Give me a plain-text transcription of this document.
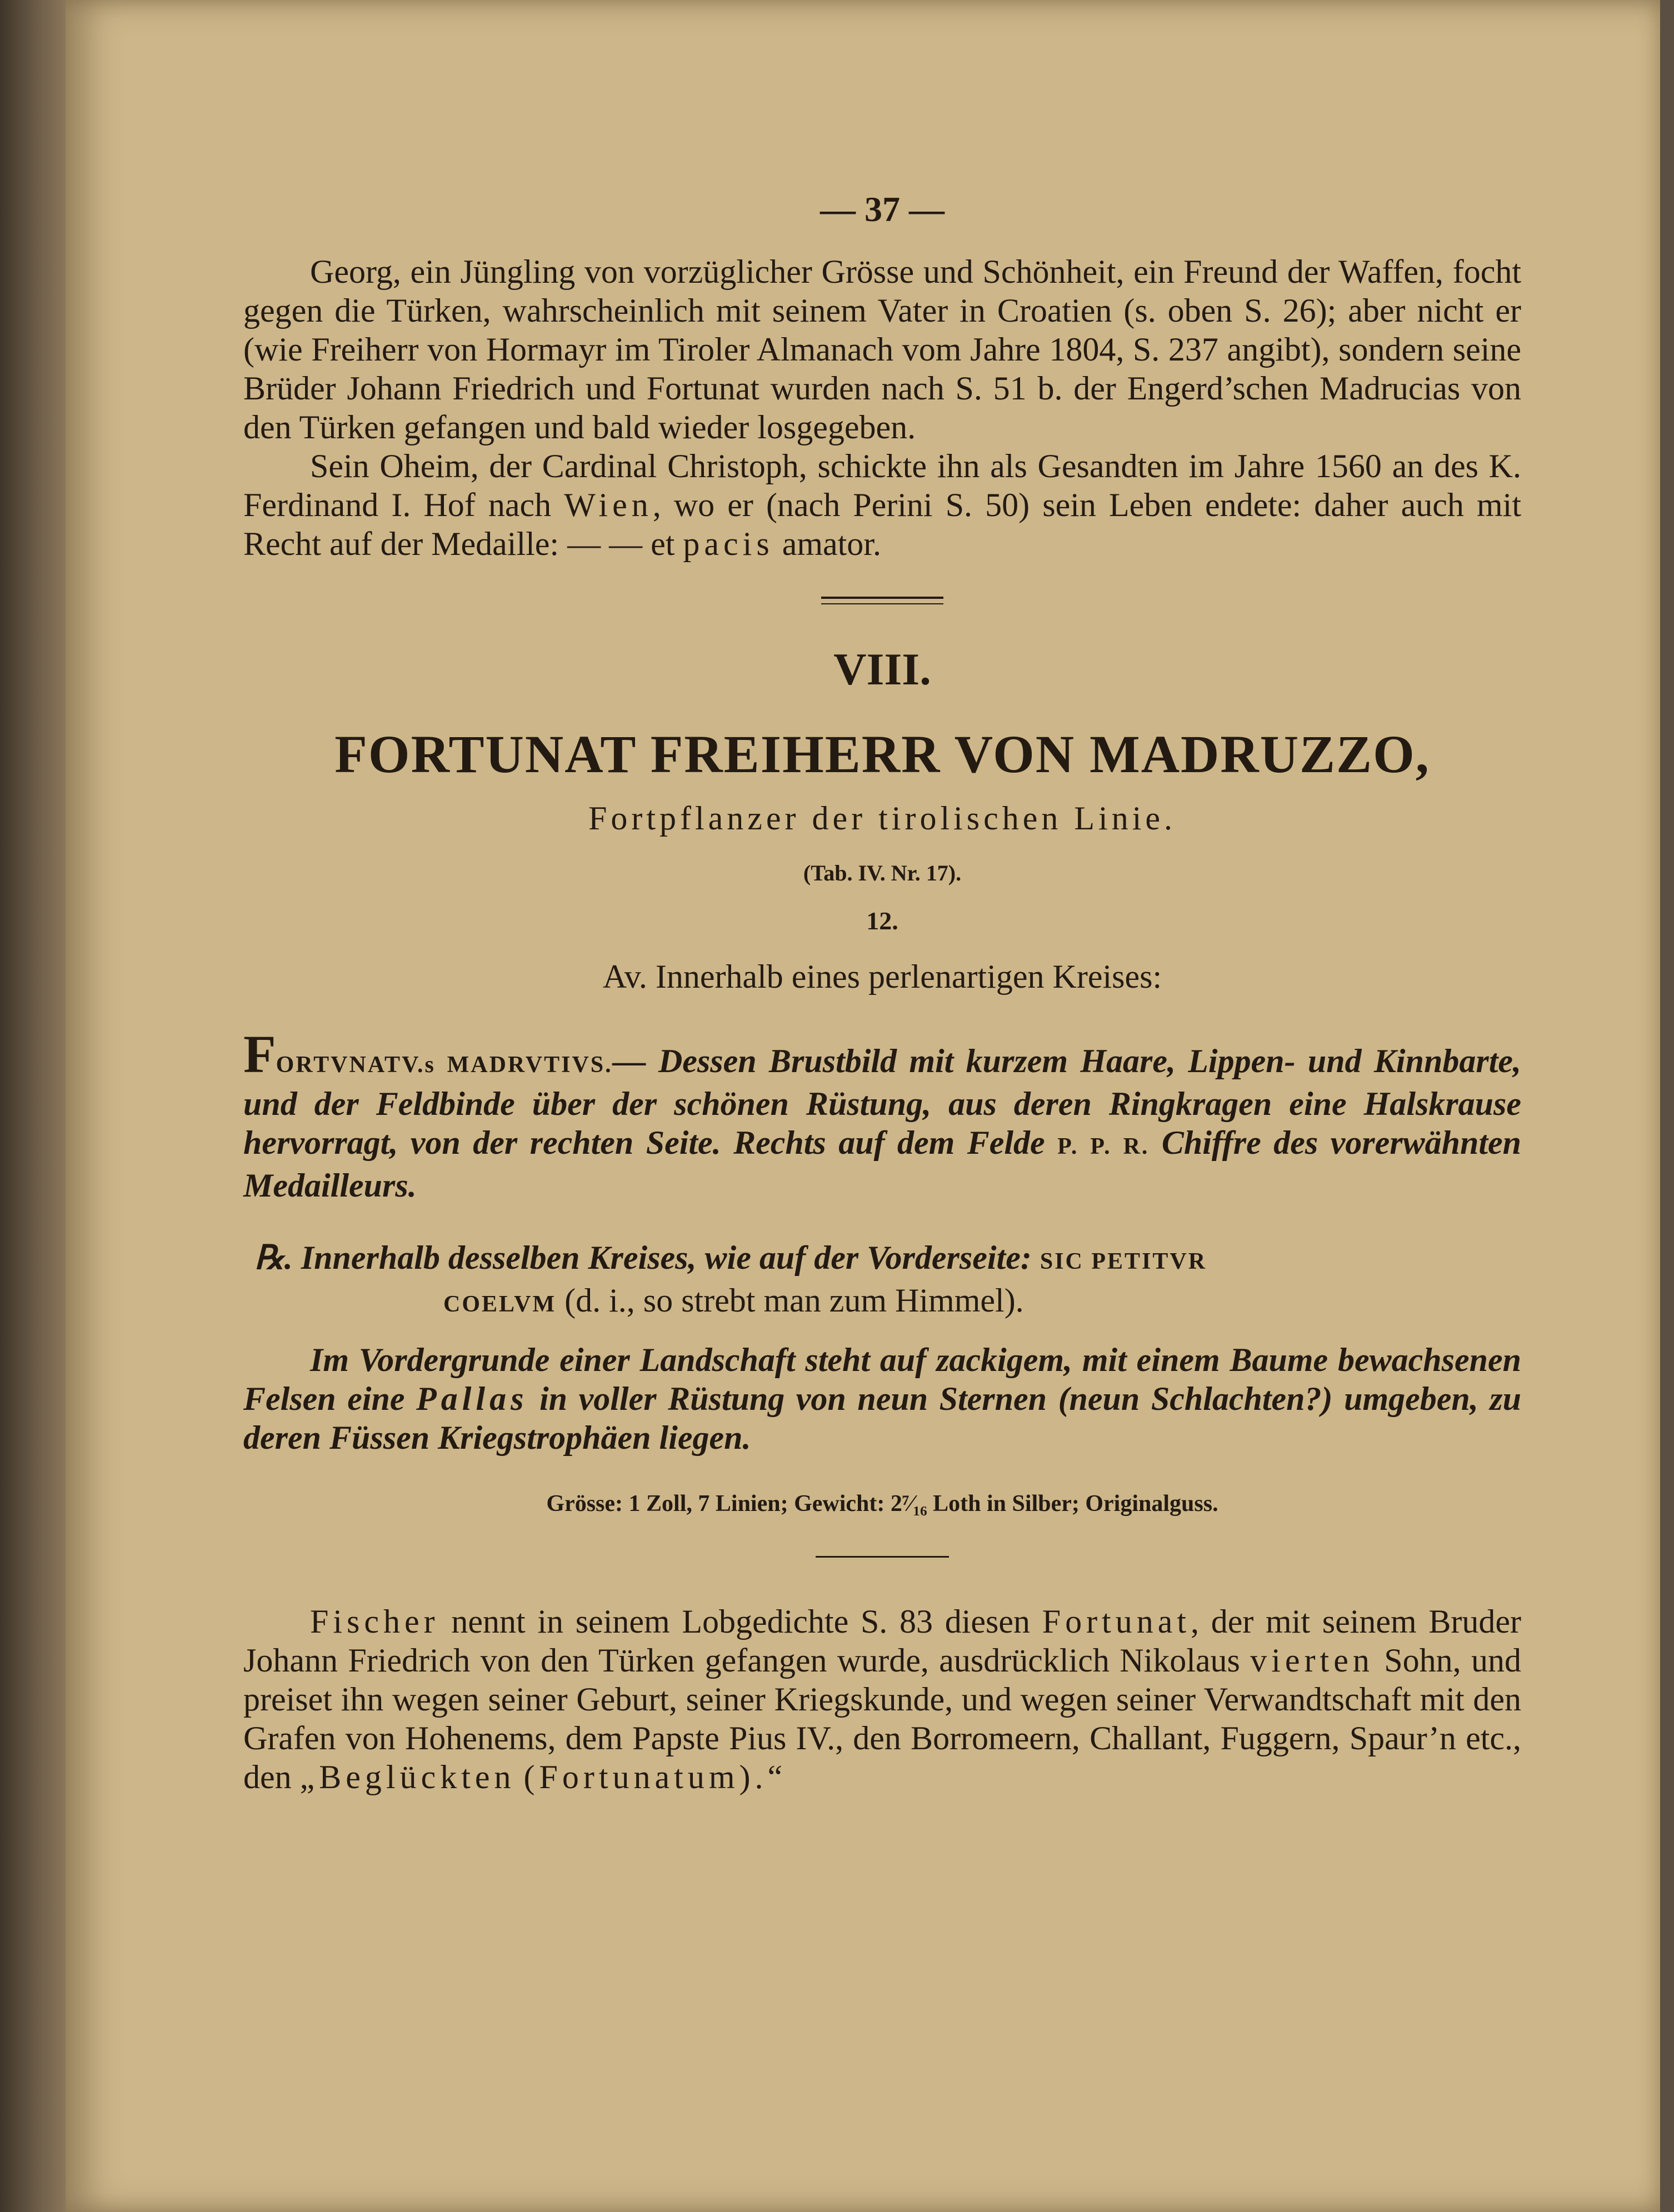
— 37 —

Georg, ein Jüngling von vorzüglicher Grösse und Schönheit, ein Freund der Waffen, focht gegen die Türken, wahrscheinlich mit seinem Vater in Croatien (s. oben S. 26); aber nicht er (wie Freiherr von Hormayr im Tiroler Almanach vom Jahre 1804, S. 237 angibt), sondern seine Brüder Johann Friedrich und Fortunat wurden nach S. 51 b. der Engerd’schen Madrucias von den Türken gefangen und bald wieder losgegeben.

Sein Oheim, der Cardinal Christoph, schickte ihn als Gesandten im Jahre 1560 an des K. Ferdinand I. Hof nach Wien, wo er (nach Perini S. 50) sein Leben endete: daher auch mit Recht auf der Medaille: — — et pacis amator.

VIII.
FORTUNAT FREIHERR VON MADRUZZO,
Fortpflanzer der tirolischen Linie.
(Tab. IV. Nr. 17).
12.
Av. Innerhalb eines perlenartigen Kreises:

FORTVNATV.s MADRVTIVS.— Dessen Brustbild mit kurzem Haare, Lippen- und Kinnbarte, und der Feldbinde über der schönen Rüstung, aus deren Ringkragen eine Halskrause hervorragt, von der rechten Seite. Rechts auf dem Felde P. P. R. Chiffre des vorerwähnten Medailleurs.

℞. Innerhalb desselben Kreises, wie auf der Vorderseite: SIC PETITVR
COELVM (d. i., so strebt man zum Himmel).

Im Vordergrunde einer Landschaft steht auf zackigem, mit einem Baume bewachsenen Felsen eine Pallas in voller Rüstung von neun Sternen (neun Schlachten?) umgeben, zu deren Füssen Kriegstrophäen liegen.

Grösse: 1 Zoll, 7 Linien; Gewicht: 2⁷⁄₁₆ Loth in Silber; Originalguss.

Fischer nennt in seinem Lobgedichte S. 83 diesen Fortunat, der mit seinem Bruder Johann Friedrich von den Türken gefangen wurde, ausdrücklich Nikolaus vierten Sohn, und preiset ihn wegen seiner Geburt, seiner Kriegskunde, und wegen seiner Verwandtschaft mit den Grafen von Hohenems, dem Papste Pius IV., den Borromeern, Challant, Fuggern, Spaur’n etc., den „Beglückten (Fortunatum).“
